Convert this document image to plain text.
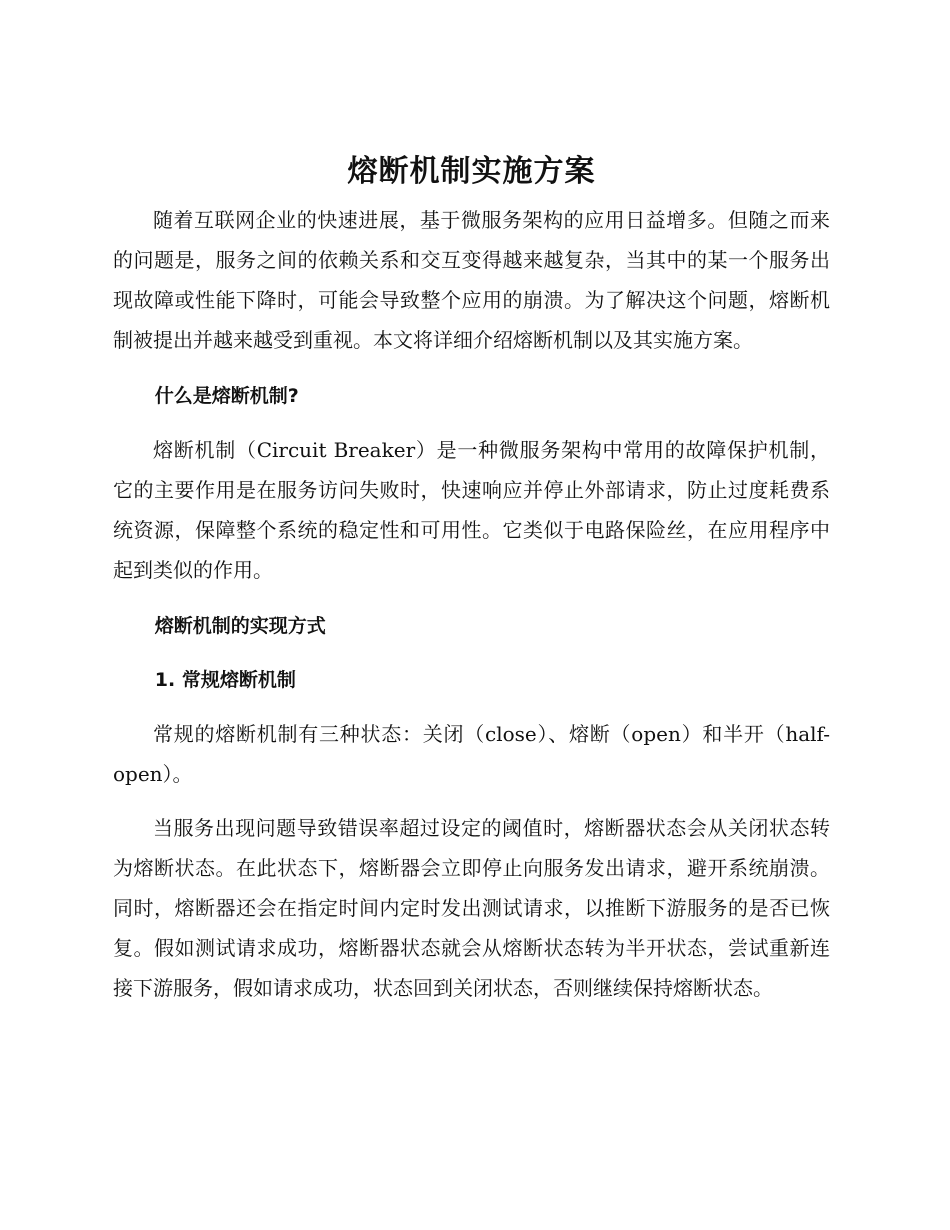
熔断机制实施方案

随着互联网企业的快速进展，基于微服务架构的应用日益增多。但随之而来的问题是，服务之间的依赖关系和交互变得越来越复杂，当其中的某一个服务出现故障或性能下降时，可能会导致整个应用的崩溃。为了解决这个问题，熔断机制被提出并越来越受到重视。本文将详细介绍熔断机制以及其实施方案。

什么是熔断机制?

熔断机制（Circuit Breaker）是一种微服务架构中常用的故障保护机制，它的主要作用是在服务访问失败时，快速响应并停止外部请求，防止过度耗费系统资源，保障整个系统的稳定性和可用性。它类似于电路保险丝，在应用程序中起到类似的作用。

熔断机制的实现方式
1. 常规熔断机制

常规的熔断机制有三种状态：关闭（close）、熔断（open）和半开（half-open）。

当服务出现问题导致错误率超过设定的阈值时，熔断器状态会从关闭状态转为熔断状态。在此状态下，熔断器会立即停止向服务发出请求，避开系统崩溃。同时，熔断器还会在指定时间内定时发出测试请求，以推断下游服务的是否已恢复。假如测试请求成功，熔断器状态就会从熔断状态转为半开状态，尝试重新连接下游服务，假如请求成功，状态回到关闭状态，否则继续保持熔断状态。
